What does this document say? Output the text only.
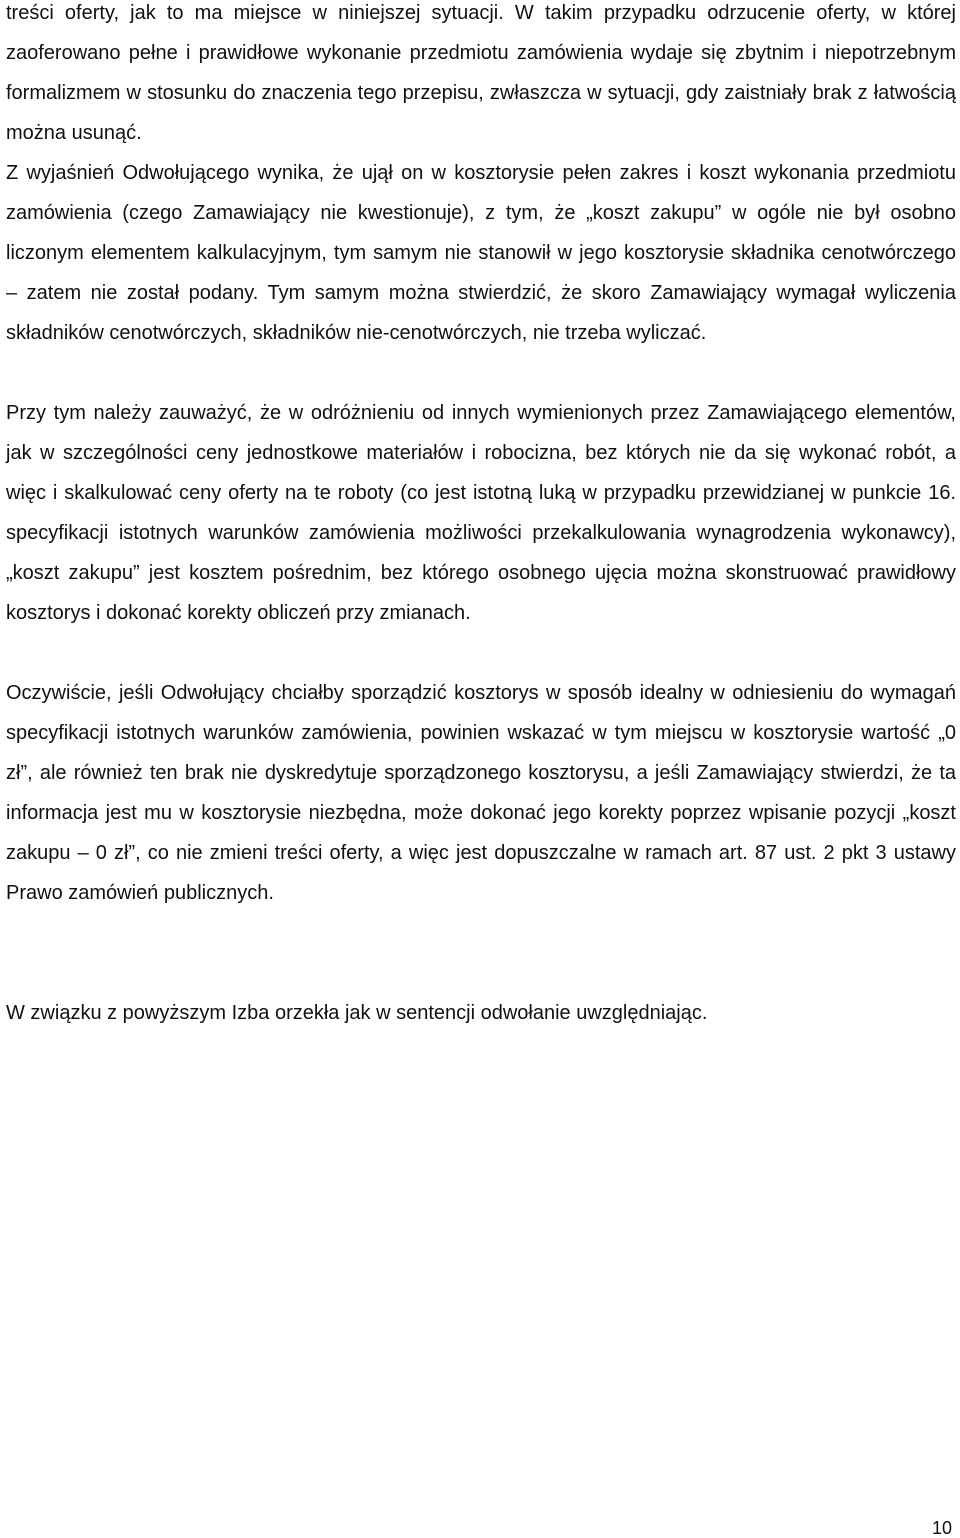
treści oferty, jak to ma miejsce w niniejszej sytuacji. W takim przypadku odrzucenie oferty, w której zaoferowano pełne i prawidłowe wykonanie przedmiotu zamówienia wydaje się zbytnim i niepotrzebnym formalizmem w stosunku do znaczenia tego przepisu, zwłaszcza w sytuacji, gdy zaistniały brak z łatwością można usunąć.

Z wyjaśnień Odwołującego wynika, że ujął on w kosztorysie pełen zakres i koszt wykonania przedmiotu zamówienia (czego Zamawiający nie kwestionuje), z tym, że „koszt zakupu” w ogóle nie był osobno liczonym elementem kalkulacyjnym, tym samym nie stanowił w jego kosztorysie składnika cenotwórczego – zatem nie został podany. Tym samym można stwierdzić, że skoro Zamawiający wymagał wyliczenia składników cenotwórczych, składników nie-cenotwórczych, nie trzeba wyliczać.

Przy tym należy zauważyć, że w odróżnieniu od innych wymienionych przez Zamawiającego elementów, jak w szczególności ceny jednostkowe materiałów i robocizna, bez których nie da się wykonać robót, a więc i skalkulować ceny oferty na te roboty (co jest istotną luką w przypadku przewidzianej w punkcie 16. specyfikacji istotnych warunków zamówienia możliwości przekalkulowania wynagrodzenia wykonawcy), „koszt zakupu” jest kosztem pośrednim, bez którego osobnego ujęcia można skonstruować prawidłowy kosztorys i dokonać korekty obliczeń przy zmianach.

Oczywiście, jeśli Odwołujący chciałby sporządzić kosztorys w sposób idealny w odniesieniu do wymagań specyfikacji istotnych warunków zamówienia, powinien wskazać w tym miejscu w kosztorysie wartość „0 zł”, ale również ten brak nie dyskredytuje sporządzonego kosztorysu, a jeśli Zamawiający stwierdzi, że ta informacja jest mu w kosztorysie niezbędna, może dokonać jego korekty poprzez wpisanie pozycji „koszt zakupu – 0 zł”, co nie zmieni treści oferty, a więc jest dopuszczalne w ramach art. 87 ust. 2 pkt 3 ustawy Prawo zamówień publicznych.

W związku z powyższym Izba orzekła jak w sentencji odwołanie uwzględniając.

10
